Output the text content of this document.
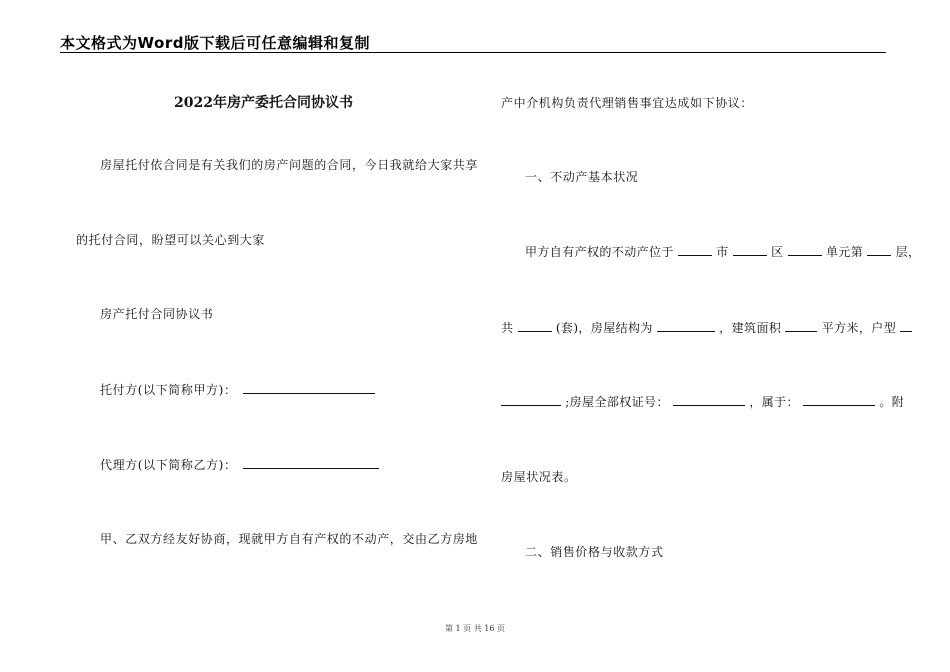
本文格式为Word版下载后可任意编辑和复制
2022年房产委托合同协议书
房屋托付依合同是有关我们的房产问题的合同，今日我就给大家共享
的托付合同，盼望可以关心到大家
房产托付合同协议书
托付方(以下简称甲方)：
代理方(以下简称乙方)：
甲、乙双方经友好协商，现就甲方自有产权的不动产，交由乙方房地
产中介机构负责代理销售事宜达成如下协议：
一、不动产基本状况
甲方自有产权的不动产位于	市	区	单元第	层，
共	(套)，房屋结构为	，建筑面积	平方米，户型
;房屋全部权证号：	，属于：	。附
房屋状况表。
二、销售价格与收款方式
第 1 页 共 16 页
